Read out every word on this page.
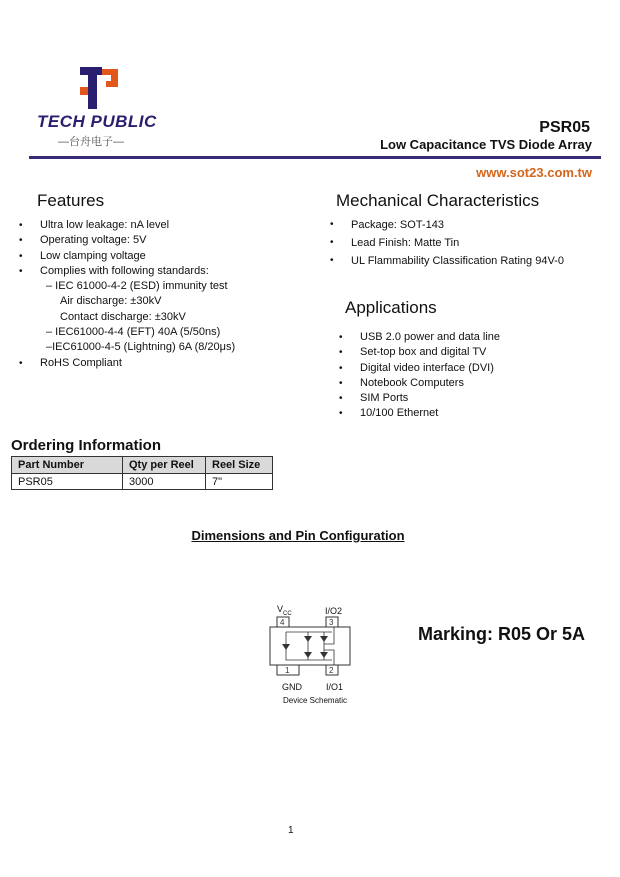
TECH PUBLIC
—台舟电子—
PSR05
Low Capacitance TVS Diode Array
www.sot23.com.tw
Features
• Ultra low leakage: nA level
• Operating voltage: 5V
• Low clamping voltage
• Complies with following standards:
– IEC 61000-4-2 (ESD) immunity test
Air discharge: ±30kV
Contact discharge: ±30kV
– IEC61000-4-4 (EFT) 40A (5/50ns)
–IEC61000-4-5 (Lightning) 6A (8/20μs)
• RoHS Compliant
Mechanical Characteristics
• Package: SOT-143
• Lead Finish: Matte Tin
• UL Flammability Classification Rating 94V-0
Applications
• USB 2.0 power and data line
• Set-top box and digital TV
• Digital video interface (DVI)
• Notebook Computers
• SIM Ports
• 10/100 Ethernet
Ordering Information
Part Number	Qty per Reel	Reel Size
PSR05	3000	7"
Dimensions and Pin Configuration
$V_{CC}$	I/O2
4	3
1	2
GND	I/O1
Device Schematic
Marking: R05 Or 5A
1
